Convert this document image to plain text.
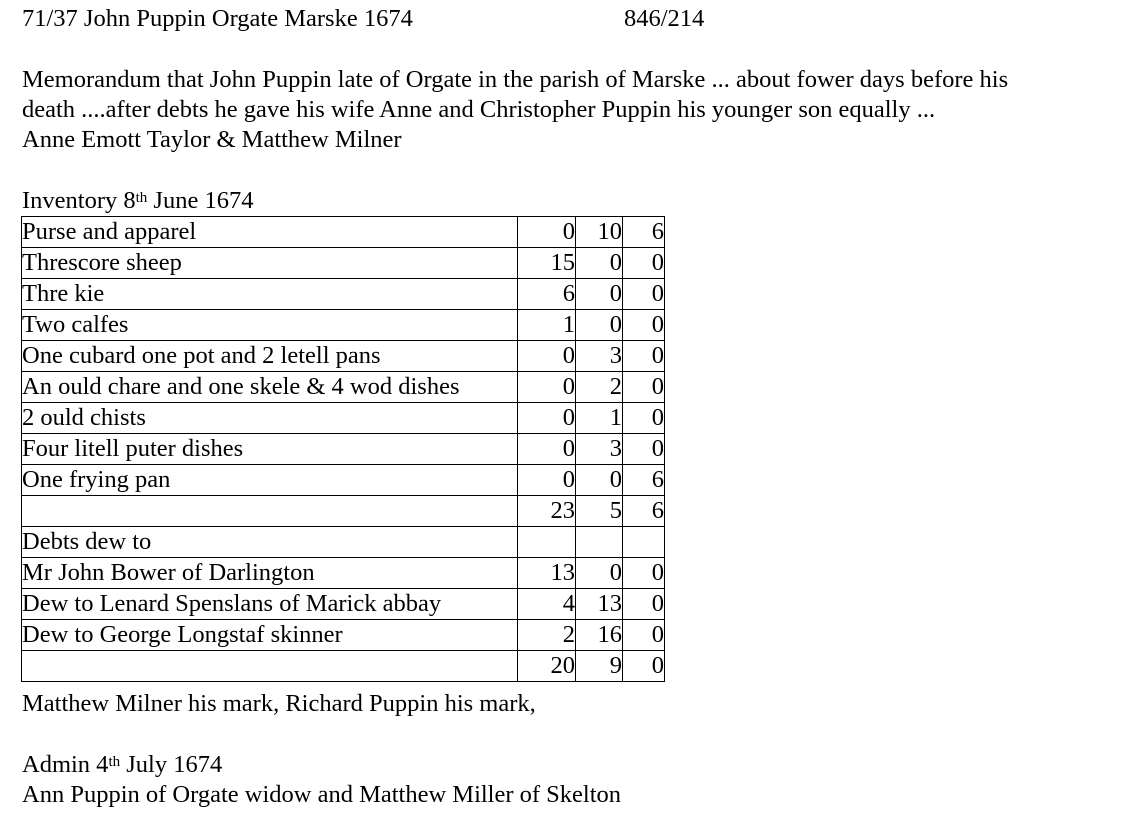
71/37 John Puppin Orgate Marske 1674	846/214
Memorandum that John Puppin late of Orgate in the parish of Marske ... about fower days before his
death ....after debts he gave his wife Anne and Christopher Puppin his younger son equally ...
Anne Emott Taylor & Matthew Milner
Inventory 8th June 1674
Purse and apparel	0	10	6
Threscore sheep	15	0	0
Thre kie	6	0	0
Two calfes	1	0	0
One cubard one pot and 2 letell pans	0	3	0
An ould chare and one skele & 4 wod dishes	0	2	0
2 ould chists	0	1	0
Four litell puter dishes	0	3	0
One frying pan	0	0	6
	23	5	6
Debts dew to			
Mr John Bower of Darlington	13	0	0
Dew to Lenard Spenslans of Marick abbay	4	13	0
Dew to George Longstaf skinner	2	16	0
	20	9	0
Matthew Milner his mark, Richard Puppin his mark,
Admin 4th July 1674
Ann Puppin of Orgate widow and Matthew Miller of Skelton
